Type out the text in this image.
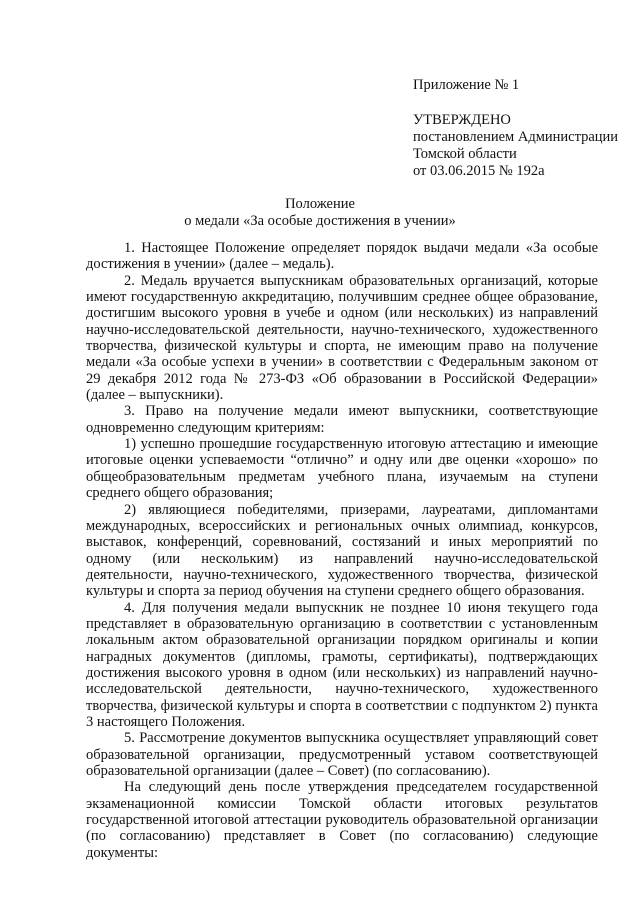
Приложение № 1
УТВЕРЖДЕНО
постановлением Администрации
Томской области
от 03.06.2015 № 192а
Положение
о медали «За особые достижения в учении»

1. Настоящее Положение определяет порядок выдачи медали «За особые достижения в учении» (далее – медаль).

2. Медаль вручается выпускникам образовательных организаций, которые имеют государственную аккредитацию, получившим среднее общее образование, достигшим высокого уровня в учебе и одном (или нескольких) из направлений научно-исследовательской деятельности, научно-технического, художественного творчества, физической культуры и спорта, не имеющим право на получение медали «За особые успехи в учении» в соответствии с Федеральным законом от 29 декабря 2012 года № 273-ФЗ «Об образовании в Российской Федерации» (далее – выпускники).

3. Право на получение медали имеют выпускники, соответствующие одновременно следующим критериям:

1) успешно прошедшие государственную итоговую аттестацию и имеющие итоговые оценки успеваемости “отлично” и одну или две оценки «хорошо» по общеобразовательным предметам учебного плана, изучаемым на ступени среднего общего образования;

2) являющиеся победителями, призерами, лауреатами, дипломантами международных, всероссийских и региональных очных олимпиад, конкурсов, выставок, конференций, соревнований, состязаний и иных мероприятий по одному (или нескольким) из направлений научно-исследовательской деятельности, научно-технического, художественного творчества, физической культуры и спорта за период обучения на ступени среднего общего образования.

4. Для получения медали выпускник не позднее 10 июня текущего года представляет в образовательную организацию в соответствии с установленным локальным актом образовательной организации порядком оригиналы и копии наградных документов (дипломы, грамоты, сертификаты), подтверждающих достижения высокого уровня в одном (или нескольких) из направлений научно-исследовательской деятельности, научно-технического, художественного творчества, физической культуры и спорта в соответствии с подпунктом 2) пункта 3 настоящего Положения.

5. Рассмотрение документов выпускника осуществляет управляющий совет образовательной организации, предусмотренный уставом соответствующей образовательной организации (далее – Совет) (по согласованию).

На следующий день после утверждения председателем государственной экзаменационной комиссии Томской области итоговых результатов государственной итоговой аттестации руководитель образовательной организации (по согласованию) представляет в Совет (по согласованию) следующие документы:
